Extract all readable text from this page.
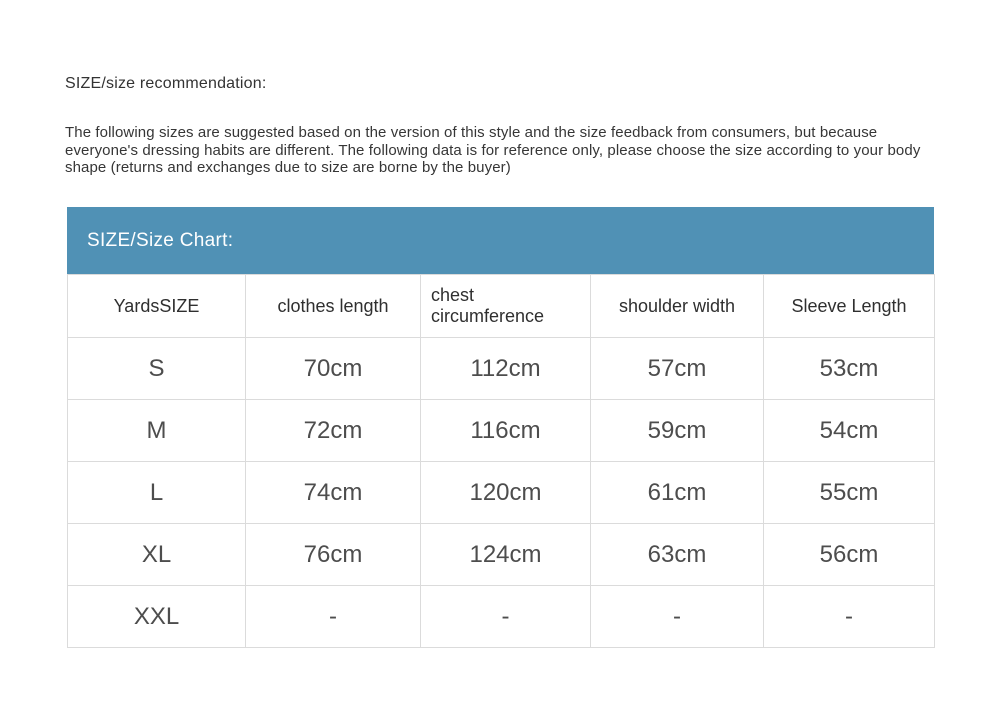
SIZE/size recommendation:

The following sizes are suggested based on the version of this style and the size feedback from consumers, but because everyone's dressing habits are different. The following data is for reference only, please choose the size according to your body shape (returns and exchanges due to size are borne by the buyer)

SIZE/Size Chart:
YardsSIZE	clothes length	chest circumference	shoulder width	Sleeve Length
S	70cm	112cm	57cm	53cm
M	72cm	116cm	59cm	54cm
L	74cm	120cm	61cm	55cm
XL	76cm	124cm	63cm	56cm
XXL	-	-	-	-
